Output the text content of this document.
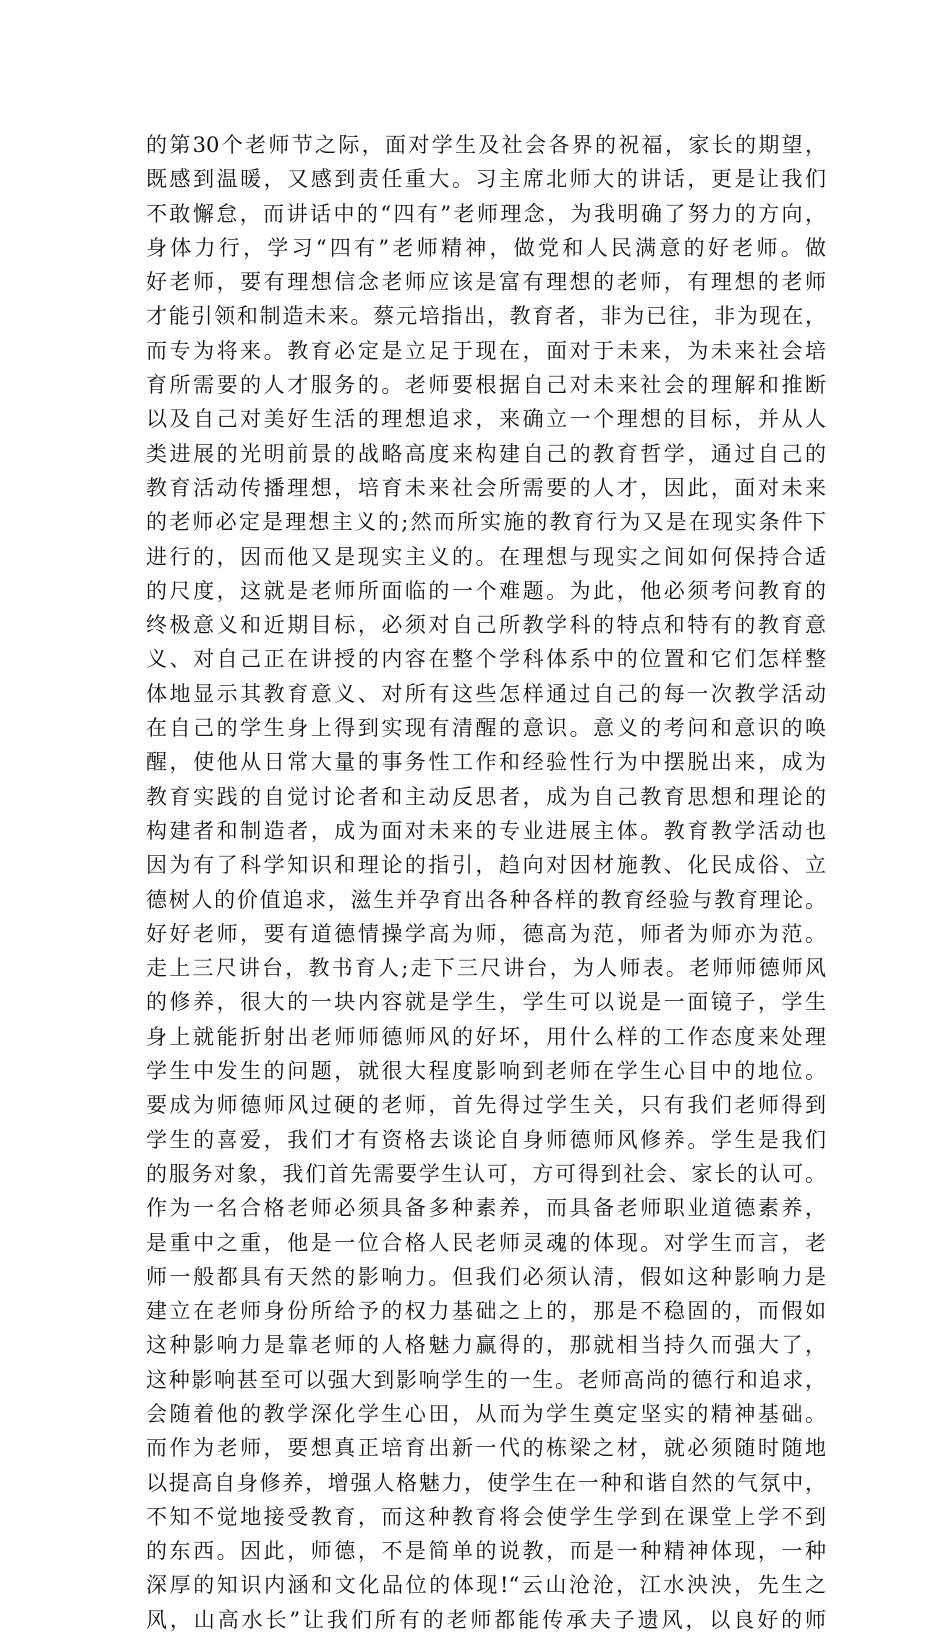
的第30个老师节之际，面对学生及社会各界的祝福，家长的期望，
既感到温暖，又感到责任重大。习主席北师大的讲话，更是让我们
不敢懈怠，而讲话中的“四有”老师理念，为我明确了努力的方向，
身体力行，学习“四有”老师精神，做党和人民满意的好老师。做
好老师，要有理想信念老师应该是富有理想的老师，有理想的老师
才能引领和制造未来。蔡元培指出，教育者，非为已往，非为现在，
而专为将来。教育必定是立足于现在，面对于未来，为未来社会培
育所需要的人才服务的。老师要根据自己对未来社会的理解和推断
以及自己对美好生活的理想追求，来确立一个理想的目标，并从人
类进展的光明前景的战略高度来构建自己的教育哲学，通过自己的
教育活动传播理想，培育未来社会所需要的人才，因此，面对未来
的老师必定是理想主义的;然而所实施的教育行为又是在现实条件下
进行的，因而他又是现实主义的。在理想与现实之间如何保持合适
的尺度，这就是老师所面临的一个难题。为此，他必须考问教育的
终极意义和近期目标，必须对自己所教学科的特点和特有的教育意
义、对自己正在讲授的内容在整个学科体系中的位置和它们怎样整
体地显示其教育意义、对所有这些怎样通过自己的每一次教学活动
在自己的学生身上得到实现有清醒的意识。意义的考问和意识的唤
醒，使他从日常大量的事务性工作和经验性行为中摆脱出来，成为
教育实践的自觉讨论者和主动反思者，成为自己教育思想和理论的
构建者和制造者，成为面对未来的专业进展主体。教育教学活动也
因为有了科学知识和理论的指引，趋向对因材施教、化民成俗、立
德树人的价值追求，滋生并孕育出各种各样的教育经验与教育理论。
好好老师，要有道德情操学高为师，德高为范，师者为师亦为范。
走上三尺讲台，教书育人;走下三尺讲台，为人师表。老师师德师风
的修养，很大的一块内容就是学生，学生可以说是一面镜子，学生
身上就能折射出老师师德师风的好坏，用什么样的工作态度来处理
学生中发生的问题，就很大程度影响到老师在学生心目中的地位。
要成为师德师风过硬的老师，首先得过学生关，只有我们老师得到
学生的喜爱，我们才有资格去谈论自身师德师风修养。学生是我们
的服务对象，我们首先需要学生认可，方可得到社会、家长的认可。
作为一名合格老师必须具备多种素养，而具备老师职业道德素养，
是重中之重，他是一位合格人民老师灵魂的体现。对学生而言，老
师一般都具有天然的影响力。但我们必须认清，假如这种影响力是
建立在老师身份所给予的权力基础之上的，那是不稳固的，而假如
这种影响力是靠老师的人格魅力赢得的，那就相当持久而强大了，
这种影响甚至可以强大到影响学生的一生。老师高尚的德行和追求，
会随着他的教学深化学生心田，从而为学生奠定坚实的精神基础。
而作为老师，要想真正培育出新一代的栋梁之材，就必须随时随地
以提高自身修养，增强人格魅力，使学生在一种和谐自然的气氛中，
不知不觉地接受教育，而这种教育将会使学生学到在课堂上学不到
的东西。因此，师德，不是简单的说教，而是一种精神体现，一种
深厚的知识内涵和文化品位的体现!“云山沧沧，江水泱泱，先生之
风，山高水长”让我们所有的老师都能传承夫子遗风，以良好的师
